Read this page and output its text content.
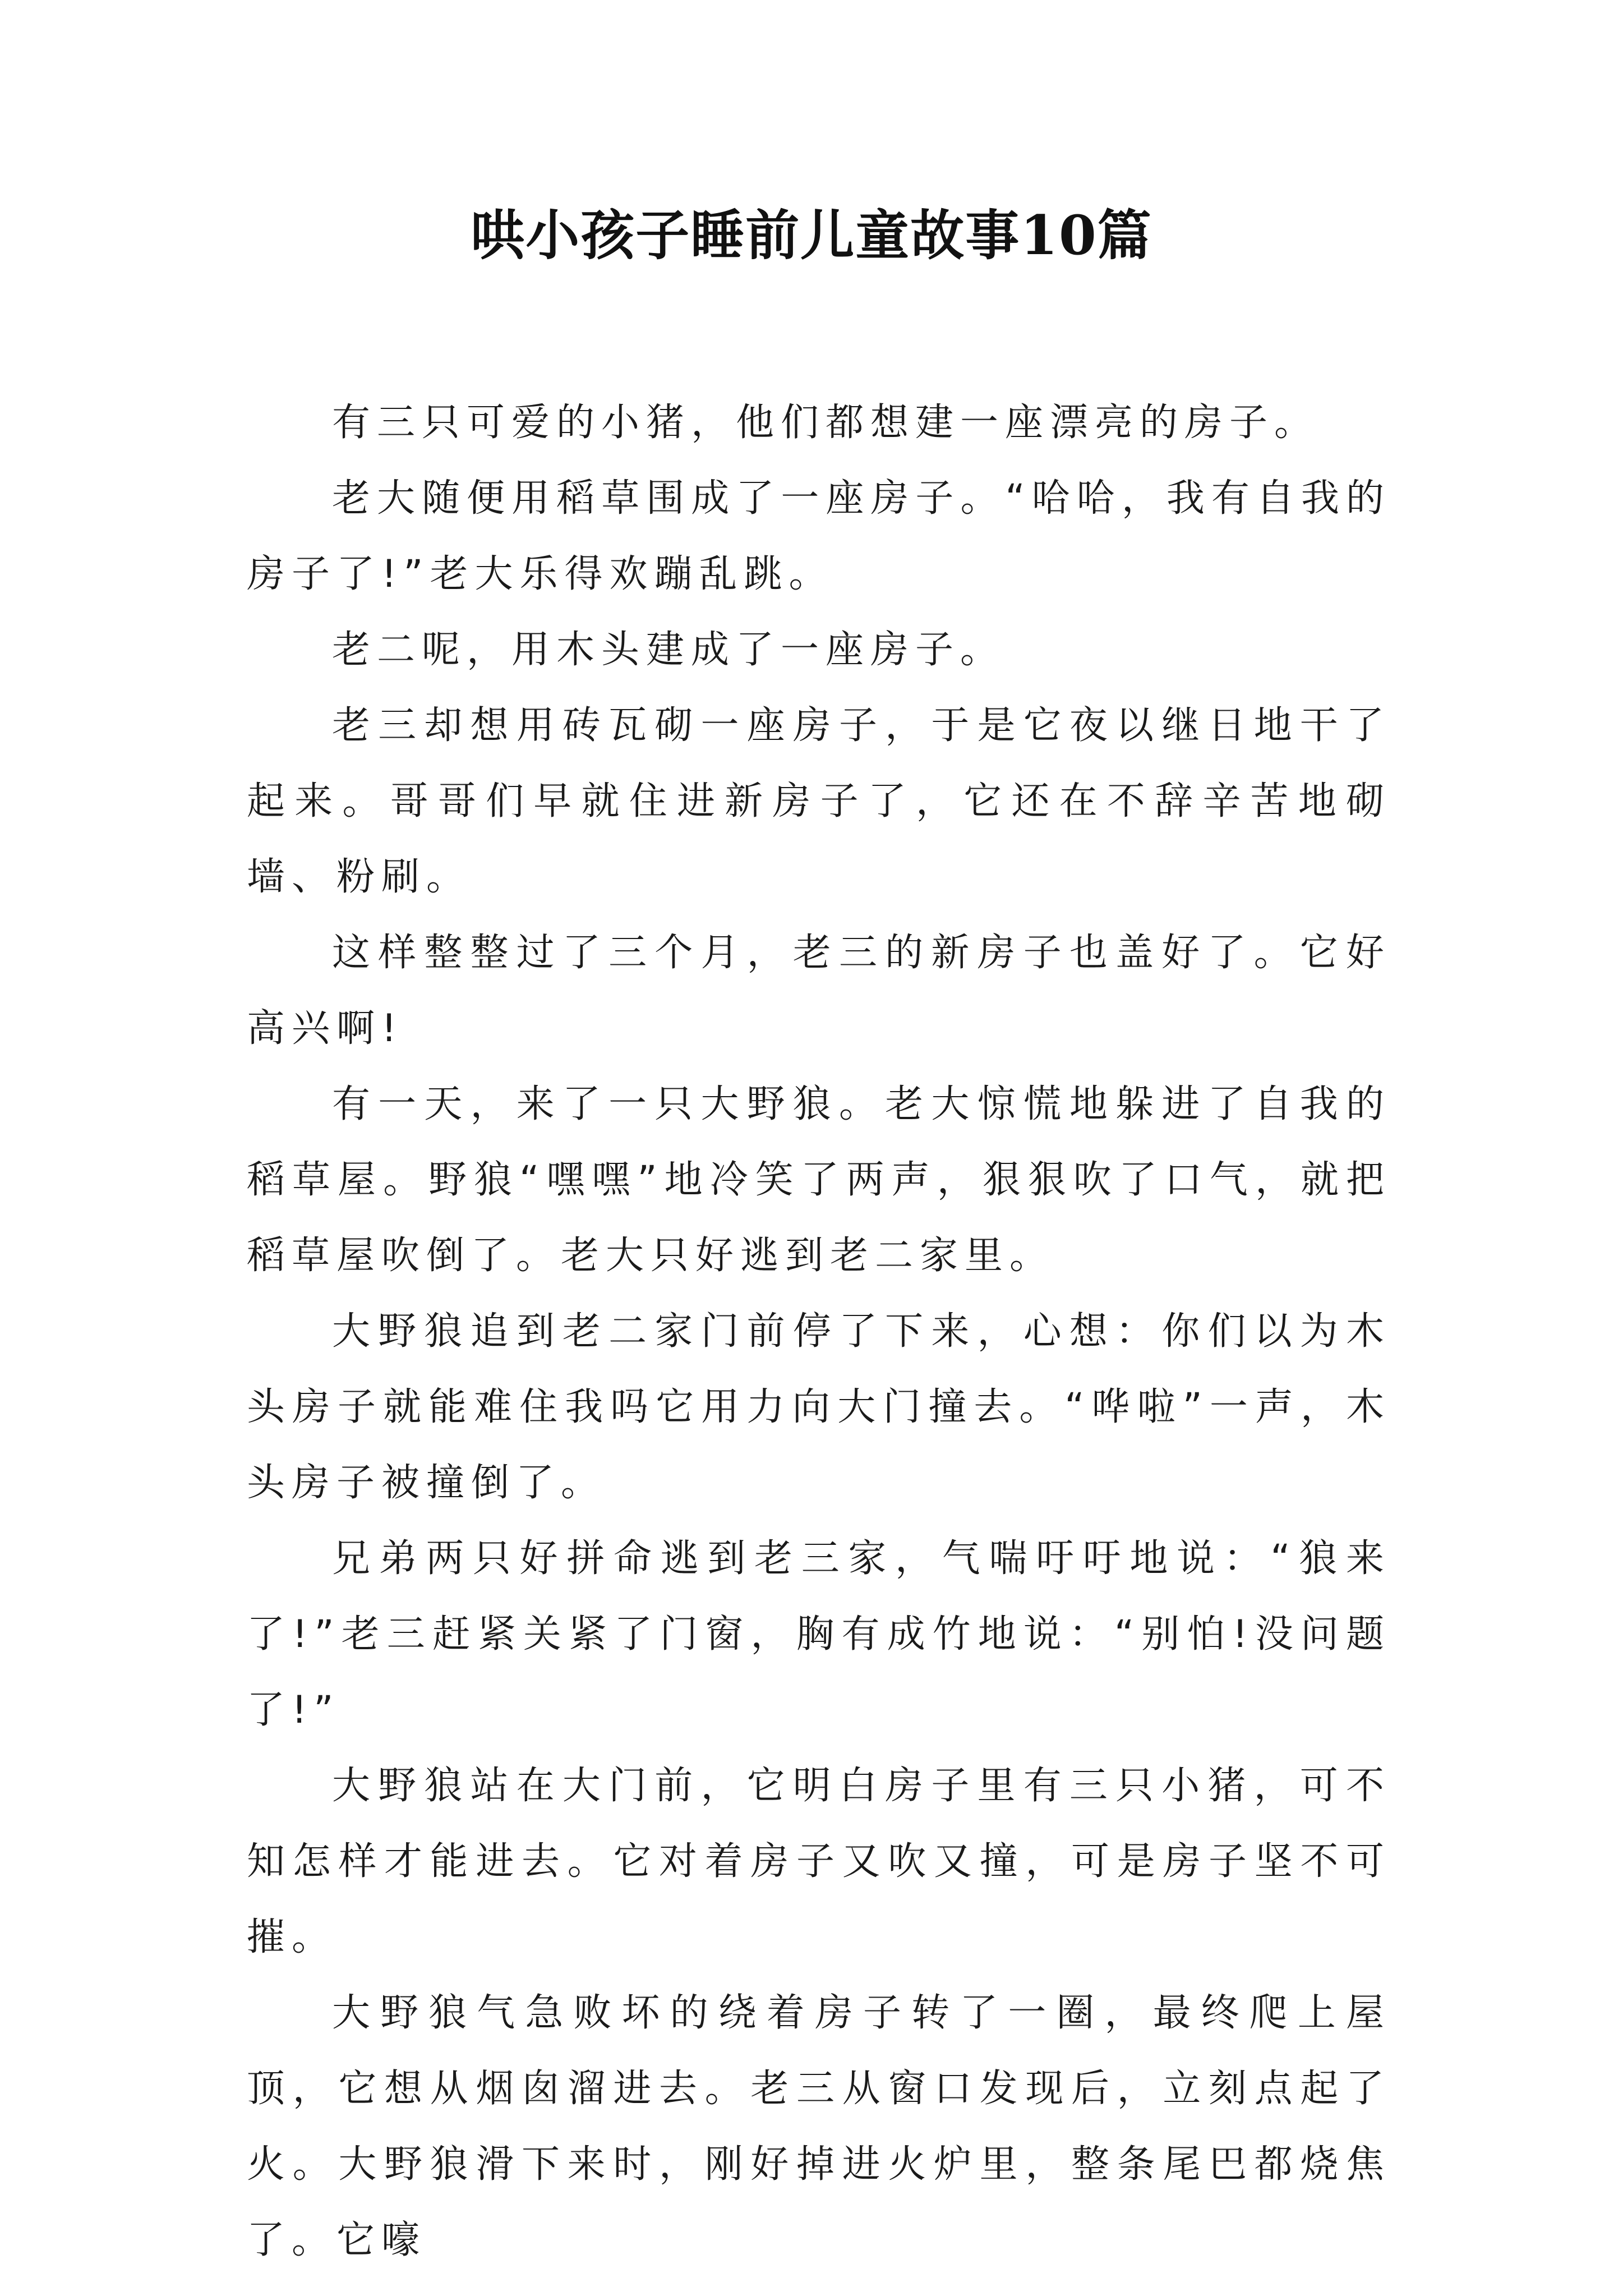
哄小孩子睡前儿童故事10篇

有三只可爱的小猪，他们都想建一座漂亮的房子。

老大随便用稻草围成了一座房子。“哈哈，我有自我的房子了!”老大乐得欢蹦乱跳。

老二呢，用木头建成了一座房子。

老三却想用砖瓦砌一座房子，于是它夜以继日地干了起来。哥哥们早就住进新房子了，它还在不辞辛苦地砌墙、粉刷。

这样整整过了三个月，老三的新房子也盖好了。它好高兴啊!

有一天，来了一只大野狼。老大惊慌地躲进了自我的稻草屋。野狼“嘿嘿”地冷笑了两声，狠狠吹了口气，就把稻草屋吹倒了。老大只好逃到老二家里。

大野狼追到老二家门前停了下来，心想：你们以为木头房子就能难住我吗它用力向大门撞去。“哗啦”一声，木头房子被撞倒了。

兄弟两只好拼命逃到老三家，气喘吁吁地说：“狼来了!”老三赶紧关紧了门窗，胸有成竹地说：“别怕!没问题了!”

大野狼站在大门前，它明白房子里有三只小猪，可不知怎样才能进去。它对着房子又吹又撞，可是房子坚不可摧。

大野狼气急败坏的绕着房子转了一圈，最终爬上屋顶，它想从烟囱溜进去。老三从窗口发现后，立刻点起了火。大野狼滑下来时，刚好掉进火炉里，整条尾巴都烧焦了。它嚎
